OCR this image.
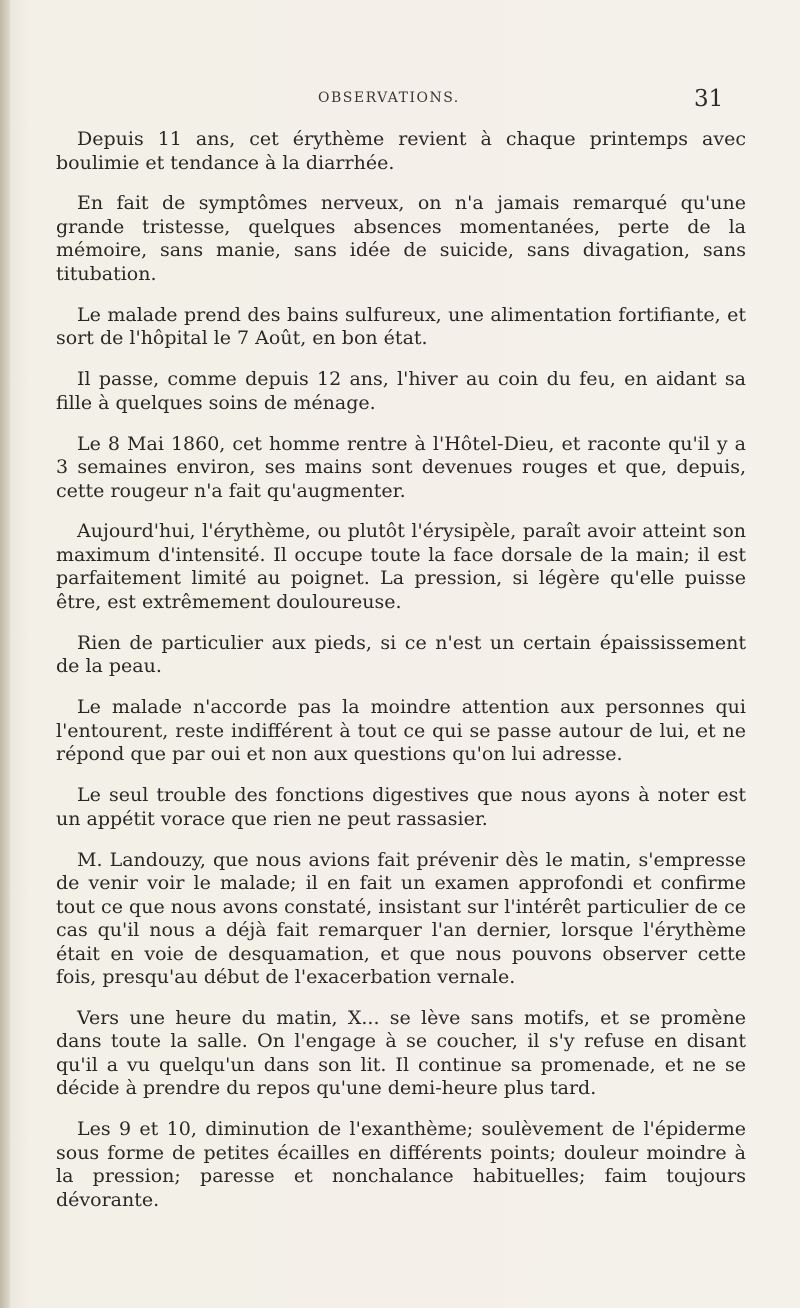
OBSERVATIONS.	31

Depuis 11 ans, cet érythème revient à chaque printemps avec boulimie et tendance à la diarrhée.

En fait de symptômes nerveux, on n'a jamais remarqué qu'une grande tristesse, quelques absences momentanées, perte de la mémoire, sans manie, sans idée de suicide, sans divagation, sans titubation.

Le malade prend des bains sulfureux, une alimentation fortifiante, et sort de l'hôpital le 7 Août, en bon état.

Il passe, comme depuis 12 ans, l'hiver au coin du feu, en aidant sa fille à quelques soins de ménage.

Le 8 Mai 1860, cet homme rentre à l'Hôtel-Dieu, et raconte qu'il y a 3 semaines environ, ses mains sont devenues rouges et que, depuis, cette rougeur n'a fait qu'augmenter.

Aujourd'hui, l'érythème, ou plutôt l'érysipèle, paraît avoir atteint son maximum d'intensité. Il occupe toute la face dorsale de la main; il est parfaitement limité au poignet. La pression, si légère qu'elle puisse être, est extrêmement douloureuse.

Rien de particulier aux pieds, si ce n'est un certain épaississement de la peau.

Le malade n'accorde pas la moindre attention aux personnes qui l'entourent, reste indifférent à tout ce qui se passe autour de lui, et ne répond que par oui et non aux questions qu'on lui adresse.

Le seul trouble des fonctions digestives que nous ayons à noter est un appétit vorace que rien ne peut rassasier.

M. Landouzy, que nous avions fait prévenir dès le matin, s'empresse de venir voir le malade; il en fait un examen approfondi et confirme tout ce que nous avons constaté, insistant sur l'intérêt particulier de ce cas qu'il nous a déjà fait remarquer l'an dernier, lorsque l'érythème était en voie de desquamation, et que nous pouvons observer cette fois, presqu'au début de l'exacerbation vernale.

Vers une heure du matin, X... se lève sans motifs, et se promène dans toute la salle. On l'engage à se coucher, il s'y refuse en disant qu'il a vu quelqu'un dans son lit. Il continue sa promenade, et ne se décide à prendre du repos qu'une demi-heure plus tard.

Les 9 et 10, diminution de l'exanthème; soulèvement de l'épiderme sous forme de petites écailles en différents points; douleur moindre à la pression; paresse et nonchalance habituelles; faim toujours dévorante.
